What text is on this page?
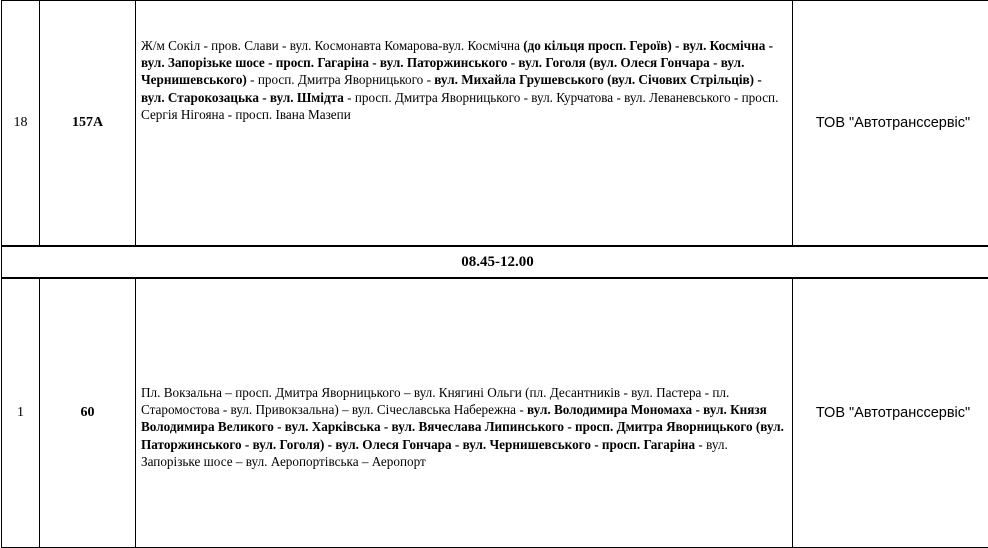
18	157А	Ж/м Сокіл - пров. Слави - вул. Космонавта Комарова-вул. Космічна (до кільця просп. Героїв) - вул. Космічна - вул. Запорізьке шосе - просп. Гагаріна - вул. Паторжинського - вул. Гоголя (вул. Олеся Гончара - вул. Чернишевського) - просп. Дмитра Яворницького - вул. Михайла Грушевського (вул. Січових Стрільців) - вул. Старокозацька - вул. Шмідта - просп. Дмитра Яворницького - вул. Курчатова - вул. Леваневського - просп. Сергія Нігояна - просп. Івана Мазепи	ТОВ "Автотранссервіс"
08.45-12.00			
1	60	Пл. Вокзальна – просп. Дмитра Яворницького – вул. Княгині Ольги (пл. Десантників - вул. Пастера - пл. Старомостова - вул. Привокзальна) – вул. Січеславська Набережна - вул. Володимира Мономаха - вул. Князя Володимира Великого - вул. Харківська - вул. Вячеслава Липинського - просп. Дмитра Яворницького (вул. Паторжинського - вул. Гоголя) - вул. Олеся Гончара - вул. Чернишевського - просп. Гагаріна - вул. Запорізьке шосе – вул. Аеропортівська – Аеропорт	ТОВ "Автотранссервіс"
